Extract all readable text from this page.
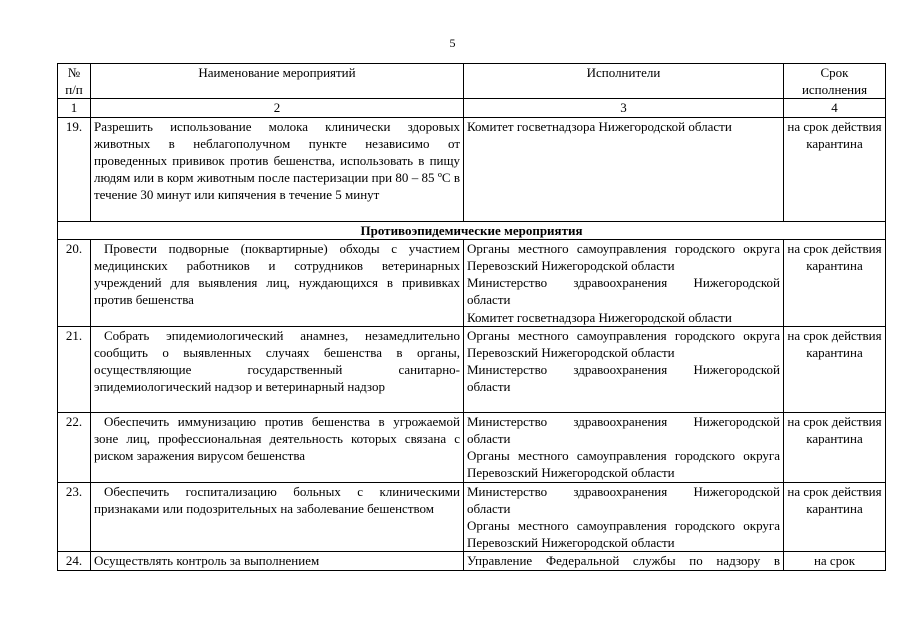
5
№ п/п	Наименование мероприятий	Исполнители	Срок исполнения
1	2	3	4
19.	Разрешить использование молока клинически здоровых животных в неблагополучном пункте независимо от проведенных прививок против бешенства, использовать в пищу людям или в корм животным после пастеризации при 80 – 85 ºС в течение 30 минут или кипячения в течение 5 минут	Комитет госветнадзора Нижегородской области	на срок действия карантина
Противоэпидемические мероприятия			
20.	Провести подворные (поквартирные) обходы с участием медицинских работников и сотрудников ветеринарных учреждений для выявления лиц, нуждающихся в прививках против бешенства	Органы местного самоуправления городского округа Перевозский Нижегородской области

Министерство здравоохранения Нижегородской области

Комитет госветнадзора Нижегородской области	на срок действия карантина
21.	Собрать эпидемиологический анамнез, незамедлительно сообщить о выявленных случаях бешенства в органы, осуществляющие государственный санитарно-эпидемиологический надзор и ветеринарный надзор	Органы местного самоуправления городского округа Перевозский Нижегородской области

Министерство здравоохранения Нижегородской области	на срок действия карантина
22.	Обеспечить иммунизацию против бешенства в угрожаемой зоне лиц, профессиональная деятельность которых связана с риском заражения вирусом бешенства	Министерство здравоохранения Нижегородской области

Органы местного самоуправления городского округа Перевозский Нижегородской области	на срок действия карантина
23.	Обеспечить госпитализацию больных с клиническими признаками или подозрительных на заболевание бешенством	Министерство здравоохранения Нижегородской области

Органы местного самоуправления городского округа Перевозский Нижегородской области	на срок действия карантина
24.	Осуществлять контроль за выполнением	Управление Федеральной службы по надзору в	на срок
